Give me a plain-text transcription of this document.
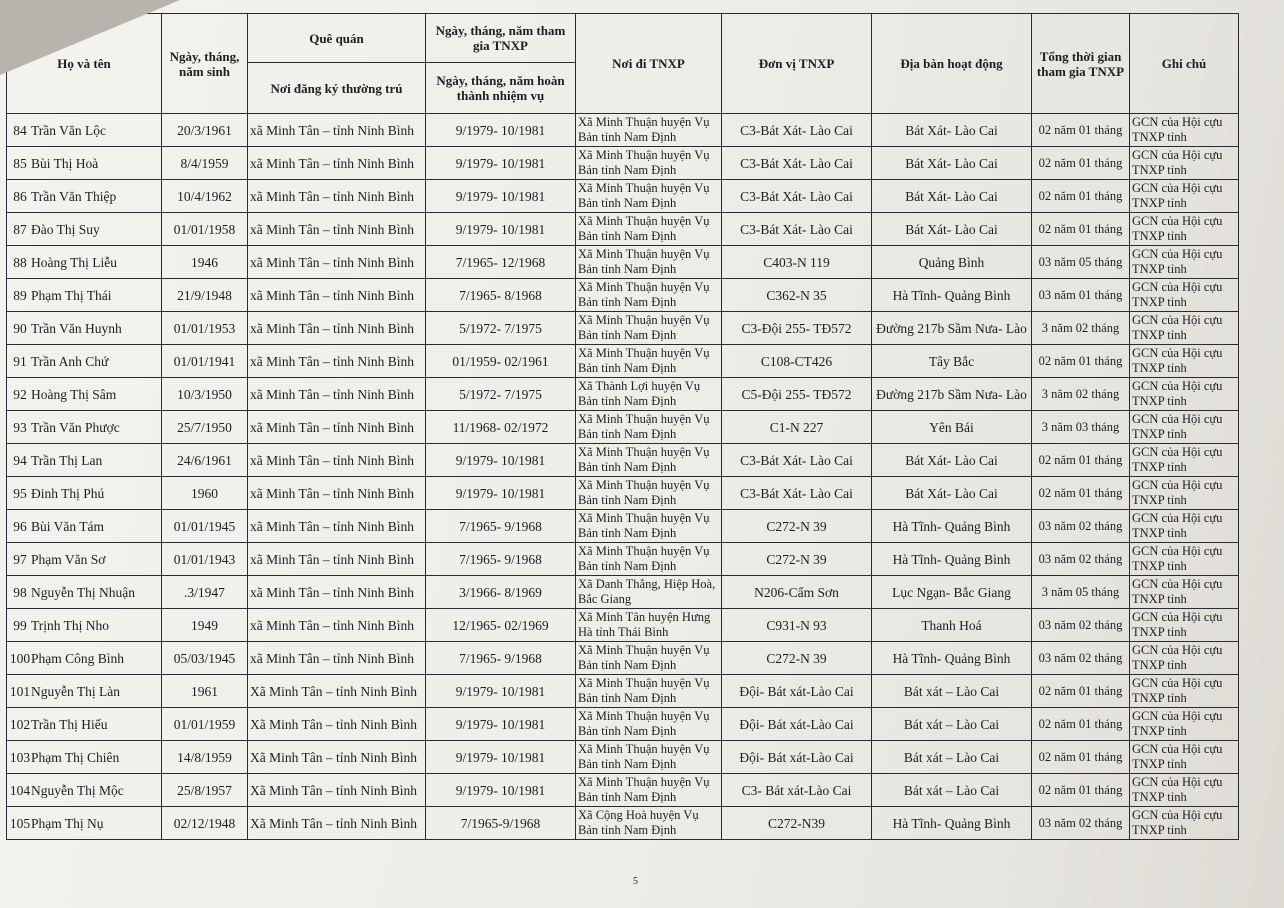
Họ và tên	Ngày, tháng, năm sinh	Quê quán	Ngày, tháng, năm tham gia TNXP	Nơi đi TNXP	Đơn vị TNXP	Địa bàn hoạt động	Tổng thời gian tham gia TNXP	Ghi chú
		Nơi đăng ký thường trú	Ngày, tháng, năm hoàn thành nhiệm vụ					
84 Trần Văn Lộc	20/3/1961	xã Minh Tân – tỉnh Ninh Bình	9/1979- 10/1981	Xã Minh Thuận huyện Vụ Bản tỉnh Nam Định	C3-Bát Xát- Lào Cai	Bát Xát- Lào Cai	02 năm 01 tháng	GCN của Hội cựu TNXP tỉnh
85 Bùi Thị Hoà	8/4/1959	xã Minh Tân – tỉnh Ninh Bình	9/1979- 10/1981	Xã Minh Thuận huyện Vụ Bản tỉnh Nam Định	C3-Bát Xát- Lào Cai	Bát Xát- Lào Cai	02 năm 01 tháng	GCN của Hội cựu TNXP tỉnh
86 Trần Văn Thiệp	10/4/1962	xã Minh Tân – tỉnh Ninh Bình	9/1979- 10/1981	Xã Minh Thuận huyện Vụ Bản tỉnh Nam Định	C3-Bát Xát- Lào Cai	Bát Xát- Lào Cai	02 năm 01 tháng	GCN của Hội cựu TNXP tỉnh
87 Đào Thị Suy	01/01/1958	xã Minh Tân – tỉnh Ninh Bình	9/1979- 10/1981	Xã Minh Thuận huyện Vụ Bản tỉnh Nam Định	C3-Bát Xát- Lào Cai	Bát Xát- Lào Cai	02 năm 01 tháng	GCN của Hội cựu TNXP tỉnh
88 Hoàng Thị Liễu	1946	xã Minh Tân – tỉnh Ninh Bình	7/1965- 12/1968	Xã Minh Thuận huyện Vụ Bản tỉnh Nam Định	C403-N 119	Quảng Bình	03 năm 05 tháng	GCN của Hội cựu TNXP tỉnh
89 Phạm Thị Thái	21/9/1948	xã Minh Tân – tỉnh Ninh Bình	7/1965- 8/1968	Xã Minh Thuận huyện Vụ Bản tỉnh Nam Định	C362-N 35	Hà Tĩnh- Quảng Bình	03 năm 01 tháng	GCN của Hội cựu TNXP tỉnh
90 Trần Văn Huynh	01/01/1953	xã Minh Tân – tỉnh Ninh Bình	5/1972- 7/1975	Xã Minh Thuận huyện Vụ Bản tỉnh Nam Định	C3-Đội 255- TĐ572	Đường 217b Sầm Nưa- Lào	3 năm 02 tháng	GCN của Hội cựu TNXP tỉnh
91 Trần Anh Chứ	01/01/1941	xã Minh Tân – tỉnh Ninh Bình	01/1959- 02/1961	Xã Minh Thuận huyện Vụ Bản tỉnh Nam Định	C108-CT426	Tây Bắc	02 năm 01 tháng	GCN của Hội cựu TNXP tỉnh
92 Hoàng Thị Sâm	10/3/1950	xã Minh Tân – tỉnh Ninh Bình	5/1972- 7/1975	Xã Thành Lợi huyện Vụ Bản tỉnh Nam Định	C5-Đội 255- TĐ572	Đường 217b Sầm Nưa- Lào	3 năm 02 tháng	GCN của Hội cựu TNXP tỉnh
93 Trần Văn Phược	25/7/1950	xã Minh Tân – tỉnh Ninh Bình	11/1968- 02/1972	Xã Minh Thuận huyện Vụ Bản tỉnh Nam Định	C1-N 227	Yên Bái	3 năm 03 tháng	GCN của Hội cựu TNXP tỉnh
94 Trần Thị Lan	24/6/1961	xã Minh Tân – tỉnh Ninh Bình	9/1979- 10/1981	Xã Minh Thuận huyện Vụ Bản tỉnh Nam Định	C3-Bát Xát- Lào Cai	Bát Xát- Lào Cai	02 năm 01 tháng	GCN của Hội cựu TNXP tỉnh
95 Đinh Thị Phú	1960	xã Minh Tân – tỉnh Ninh Bình	9/1979- 10/1981	Xã Minh Thuận huyện Vụ Bản tỉnh Nam Định	C3-Bát Xát- Lào Cai	Bát Xát- Lào Cai	02 năm 01 tháng	GCN của Hội cựu TNXP tỉnh
96 Bùi Văn Tám	01/01/1945	xã Minh Tân – tỉnh Ninh Bình	7/1965- 9/1968	Xã Minh Thuận huyện Vụ Bản tỉnh Nam Định	C272-N 39	Hà Tĩnh- Quảng Bình	03 năm 02 tháng	GCN của Hội cựu TNXP tỉnh
97 Phạm Văn Sơ	01/01/1943	xã Minh Tân – tỉnh Ninh Bình	7/1965- 9/1968	Xã Minh Thuận huyện Vụ Bản tỉnh Nam Định	C272-N 39	Hà Tĩnh- Quảng Bình	03 năm 02 tháng	GCN của Hội cựu TNXP tỉnh
98 Nguyễn Thị Nhuận	.3/1947	xã Minh Tân – tỉnh Ninh Bình	3/1966- 8/1969	Xã Danh Thắng, Hiệp Hoà, Bắc Giang	N206-Cẩm Sơn	Lục Ngạn- Bắc Giang	3 năm 05 tháng	GCN của Hội cựu TNXP tỉnh
99 Trịnh Thị Nho	1949	xã Minh Tân – tỉnh Ninh Bình	12/1965- 02/1969	Xã Minh Tân huyện Hưng Hà tỉnh Thái Bình	C931-N 93	Thanh Hoá	03 năm 02 tháng	GCN của Hội cựu TNXP tỉnh
100Phạm Công Bình	05/03/1945	xã Minh Tân – tỉnh Ninh Bình	7/1965- 9/1968	Xã Minh Thuận huyện Vụ Bản tỉnh Nam Định	C272-N 39	Hà Tĩnh- Quảng Bình	03 năm 02 tháng	GCN của Hội cựu TNXP tỉnh
101Nguyễn Thị Làn	1961	Xã Minh Tân – tỉnh Ninh Bình	9/1979- 10/1981	Xã Minh Thuận huyện Vụ Bản tỉnh Nam Định	Đội- Bát xát-Lào Cai	Bát xát – Lào Cai	02 năm 01 tháng	GCN của Hội cựu TNXP tỉnh
102Trần Thị Hiếu	01/01/1959	Xã Minh Tân – tỉnh Ninh Bình	9/1979- 10/1981	Xã Minh Thuận huyện Vụ Bản tỉnh Nam Định	Đội- Bát xát-Lào Cai	Bát xát – Lào Cai	02 năm 01 tháng	GCN của Hội cựu TNXP tỉnh
103Phạm Thị Chiên	14/8/1959	Xã Minh Tân – tỉnh Ninh Bình	9/1979- 10/1981	Xã Minh Thuận huyện Vụ Bản tỉnh Nam Định	Đội- Bát xát-Lào Cai	Bát xát – Lào Cai	02 năm 01 tháng	GCN của Hội cựu TNXP tỉnh
104Nguyễn Thị Mộc	25/8/1957	Xã Minh Tân – tỉnh Ninh Bình	9/1979- 10/1981	Xã Minh Thuận huyện Vụ Bản tỉnh Nam Định	C3- Bát xát-Lào Cai	Bát xát – Lào Cai	02 năm 01 tháng	GCN của Hội cựu TNXP tỉnh
105Phạm Thị Nụ	02/12/1948	Xã Minh Tân – tỉnh Ninh Bình	7/1965-9/1968	Xã Cộng Hoà huyện Vụ Bản tỉnh Nam Định	C272-N39	Hà Tĩnh- Quảng Bình	03 năm 02 tháng	GCN của Hội cựu TNXP tỉnh
5
